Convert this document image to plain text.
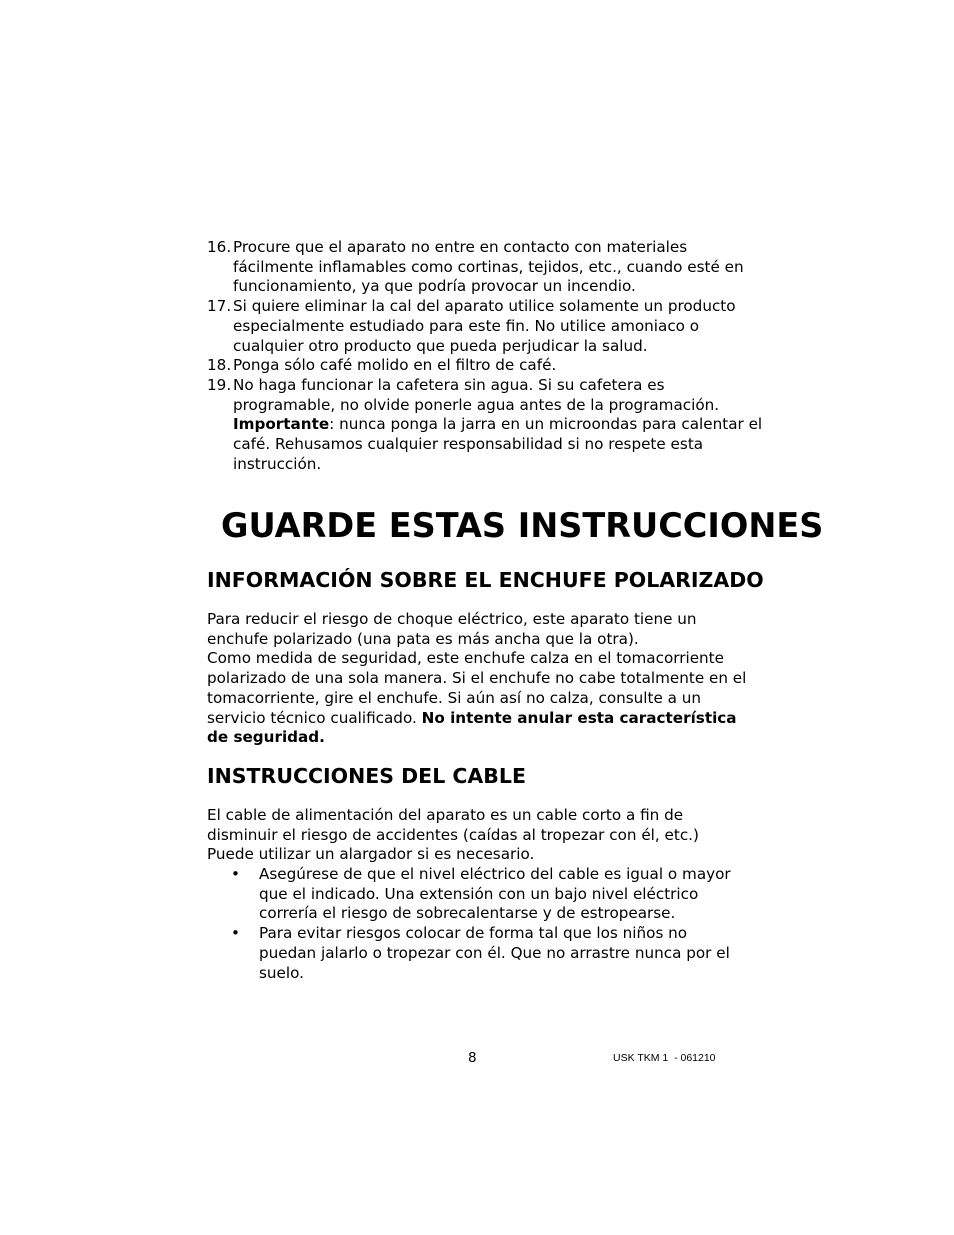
16. Procure que el aparato no entre en contacto con materiales fácilmente inflamables como cortinas, tejidos, etc., cuando esté en funcionamiento, ya que podría provocar un incendio.
17. Si quiere eliminar la cal del aparato utilice solamente un producto especialmente estudiado para este fin. No utilice amoniaco o cualquier otro producto que pueda perjudicar la salud.
18. Ponga sólo café molido en el filtro de café.
19. No haga funcionar la cafetera sin agua. Si su cafetera es programable, no olvide ponerle agua antes de la programación. Importante: nunca ponga la jarra en un microondas para calentar el café. Rehusamos cualquier responsabilidad si no respete esta instrucción.
GUARDE ESTAS INSTRUCCIONES
INFORMACIÓN SOBRE EL ENCHUFE POLARIZADO

Para reducir el riesgo de choque eléctrico, este aparato tiene un enchufe polarizado (una pata es más ancha que la otra).
Como medida de seguridad, este enchufe calza en el tomacorriente polarizado de una sola manera. Si el enchufe no cabe totalmente en el tomacorriente, gire el enchufe. Si aún así no calza, consulte a un servicio técnico cualificado. No intente anular esta característica de seguridad.

INSTRUCCIONES DEL CABLE

El cable de alimentación del aparato es un cable corto a fin de disminuir el riesgo de accidentes (caídas al tropezar con él, etc.)
Puede utilizar un alargador si es necesario.

• Asegúrese de que el nivel eléctrico del cable es igual o mayor que el indicado. Una extensión con un bajo nivel eléctrico correría el riesgo de sobrecalentarse y de estropearse.
• Para evitar riesgos colocar de forma tal que los niños no puedan jalarlo o tropezar con él. Que no arrastre nunca por el suelo.
8	USK TKM 1  - 061210
